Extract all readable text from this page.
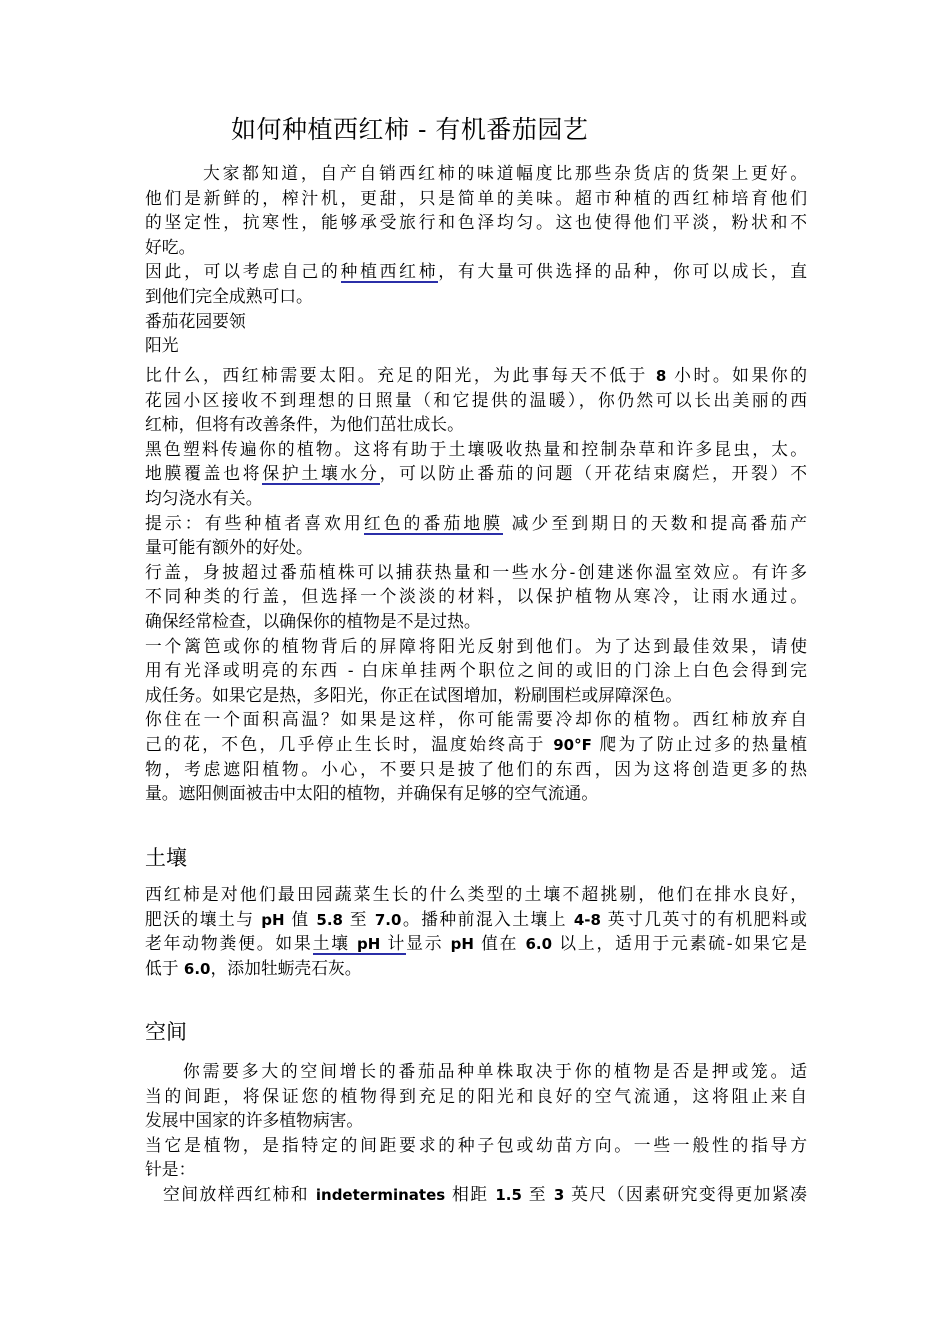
如何种植西红柿 - 有机番茄园艺
大家都知道，自产自销西红柿的味道幅度比那些杂货店的货架上更好。
他们是新鲜的，榨汁机，更甜，只是简单的美味。超市种植的西红柿培育他们
的坚定性，抗寒性，能够承受旅行和色泽均匀。这也使得他们平淡，粉状和不
好吃。
因此，可以考虑自己的种植西红柿，有大量可供选择的品种，你可以成长，直
到他们完全成熟可口。
番茄花园要领
阳光
比什么，西红柿需要太阳。充足的阳光，为此事每天不低于 8 小时。如果你的
花园小区接收不到理想的日照量（和它提供的温暖），你仍然可以长出美丽的西
红柿，但将有改善条件，为他们茁壮成长。
黑色塑料传遍你的植物。这将有助于土壤吸收热量和控制杂草和许多昆虫，太。
地膜覆盖也将保护土壤水分，可以防止番茄的问题（开花结束腐烂，开裂）不
均匀浇水有关。
提示：有些种植者喜欢用红色的番茄地膜 减少至到期日的天数和提高番茄产
量可能有额外的好处。
行盖，身披超过番茄植株可以捕获热量和一些水分-创建迷你温室效应。有许多
不同种类的行盖，但选择一个淡淡的材料，以保护植物从寒冷，让雨水通过。
确保经常检查，以确保你的植物是不是过热。
一个篱笆或你的植物背后的屏障将阳光反射到他们。为了达到最佳效果，请使
用有光泽或明亮的东西 - 白床单挂两个职位之间的或旧的门涂上白色会得到完
成任务。如果它是热，多阳光，你正在试图增加，粉刷围栏或屏障深色。
你住在一个面积高温？如果是这样，你可能需要冷却你的植物。西红柿放弃自
己的花，不色，几乎停止生长时，温度始终高于 90°F 爬为了防止过多的热量植
物，考虑遮阳植物。小心，不要只是披了他们的东西，因为这将创造更多的热
量。遮阳侧面被击中太阳的植物，并确保有足够的空气流通。
土壤
西红柿是对他们最田园蔬菜生长的什么类型的土壤不超挑剔，他们在排水良好，
肥沃的壤土与 pH 值 5.8 至 7.0。播种前混入土壤上 4-8 英寸几英寸的有机肥料或
老年动物粪便。如果土壤 pH 计显示 pH 值在 6.0 以上，适用于元素硫-如果它是
低于 6.0，添加牡蛎壳石灰。
空间
你需要多大的空间增长的番茄品种单株取决于你的植物是否是押或笼。适
当的间距，将保证您的植物得到充足的阳光和良好的空气流通，这将阻止来自
发展中国家的许多植物病害。
当它是植物，是指特定的间距要求的种子包或幼苗方向。一些一般性的指导方
针是：
空间放样西红柿和 indeterminates 相距 1.5 至 3 英尺（因素研究变得更加紧凑
